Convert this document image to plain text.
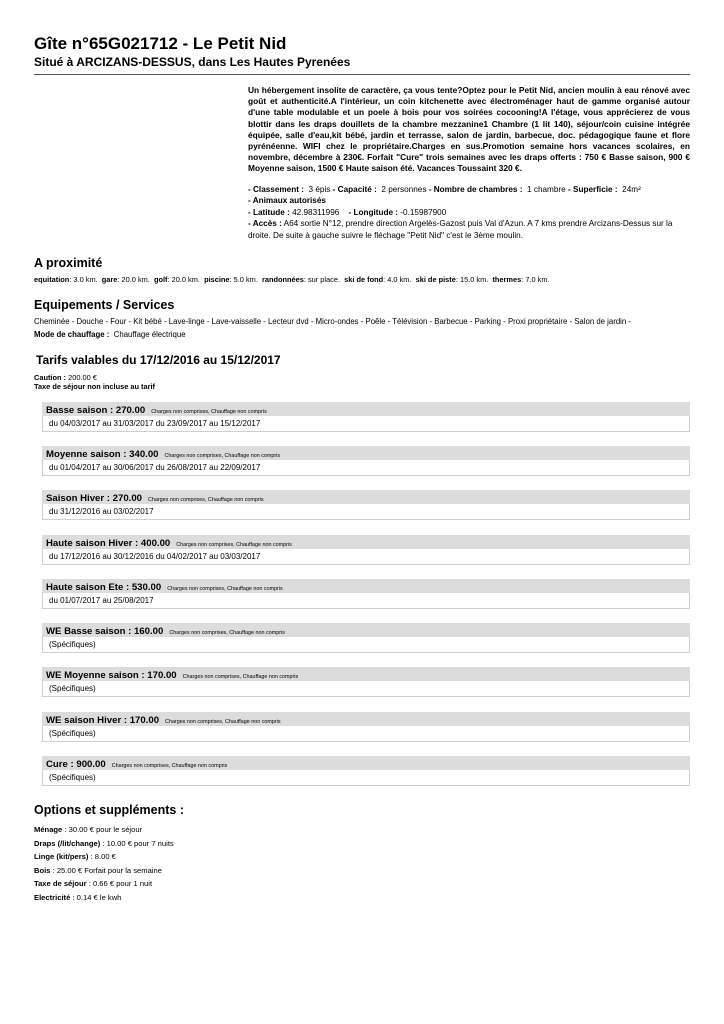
Gîte n°65G021712 - Le Petit Nid
Situé à ARCIZANS-DESSUS, dans Les Hautes Pyrenées

Un hébergement insolite de caractère, ça vous tente?Optez pour le Petit Nid, ancien moulin à eau rénové avec goût et authenticité.A l'intérieur, un coin kitchenette avec électroménager haut de gamme organisé autour d'une table modulable et un poele à bois pour vos soirées cocooning!A l'étage, vous apprécierez de vous blottir dans les draps douillets de la chambre mezzanine1 Chambre (1 lit 140), séjour/coin cuisine intégrée équipée, salle d'eau,kit bébé, jardin et terrasse, salon de jardin, barbecue, doc. pédagogique faune et flore pyrénéenne. WIFI chez le propriétaire.Charges en sus.Promotion semaine hors vacances scolaires, en novembre, décembre à 230€. Forfait "Cure" trois semaines avec les draps offerts : 750 € Basse saison, 900 € Moyenne saison, 1500 € Haute saison été. Vacances Toussaint 320 €.

- Classement : 3 épis - Capacité : 2 personnes - Nombre de chambres : 1 chambre - Superficie : 24m²
- Animaux autorisés
- Latitude : 42.98311996 - Longitude : -0.15987900
- Accès : A64 sortie N°12, prendre direction Argelès-Gazost puis Val d'Azun. A 7 kms prendre Arcizans-Dessus sur la droite. De suite à gauche suivre le fléchage "Petit Nid" c'est le 3ème moulin.
A proximité
equitation: 3.0 km. gare: 20.0 km. golf: 20.0 km. piscine: 5.0 km. randonnées: sur place. ski de fond: 4.0 km. ski de piste: 15.0 km. thermes: 7.0 km.
Equipements / Services
Cheminée - Douche - Four - Kit bébé - Lave-linge - Lave-vaisselle - Lecteur dvd - Micro-ondes - Poêle - Télévision - Barbecue - Parking - Proxi propriétaire - Salon de jardin -
Mode de chauffage : Chauffage électrique
Tarifs valables du 17/12/2016 au 15/12/2017
Caution : 200.00 €
Taxe de séjour non incluse au tarif
Basse saison : 270.00 Charges non comprises, Chauffage non compris
du 04/03/2017 au 31/03/2017 du 23/09/2017 au 15/12/2017
Moyenne saison : 340.00 Charges non comprises, Chauffage non compris
du 01/04/2017 au 30/06/2017 du 26/08/2017 au 22/09/2017
Saison Hiver : 270.00 Charges non comprises, Chauffage non compris
du 31/12/2016 au 03/02/2017
Haute saison Hiver : 400.00 Charges non comprises, Chauffage non compris
du 17/12/2016 au 30/12/2016 du 04/02/2017 au 03/03/2017
Haute saison Ete : 530.00 Charges non comprises, Chauffage non compris
du 01/07/2017 au 25/08/2017
WE Basse saison : 160.00 Charges non comprises, Chauffage non compris
(Spécifiques)
WE Moyenne saison : 170.00 Charges non comprises, Chauffage non compris
(Spécifiques)
WE saison Hiver : 170.00 Charges non comprises, Chauffage non compris
(Spécifiques)
Cure : 900.00 Charges non comprises, Chauffage non compris
(Spécifiques)
Options et suppléments :
Ménage : 30.00 € pour le séjour
Draps (/lit/change) : 10.00 € pour 7 nuits
Linge (kit/pers) : 8.00 €
Bois : 25.00 € Forfait pour la semaine
Taxe de séjour : 0.66 € pour 1 nuit
Electricité : 0.14 € le kwh
